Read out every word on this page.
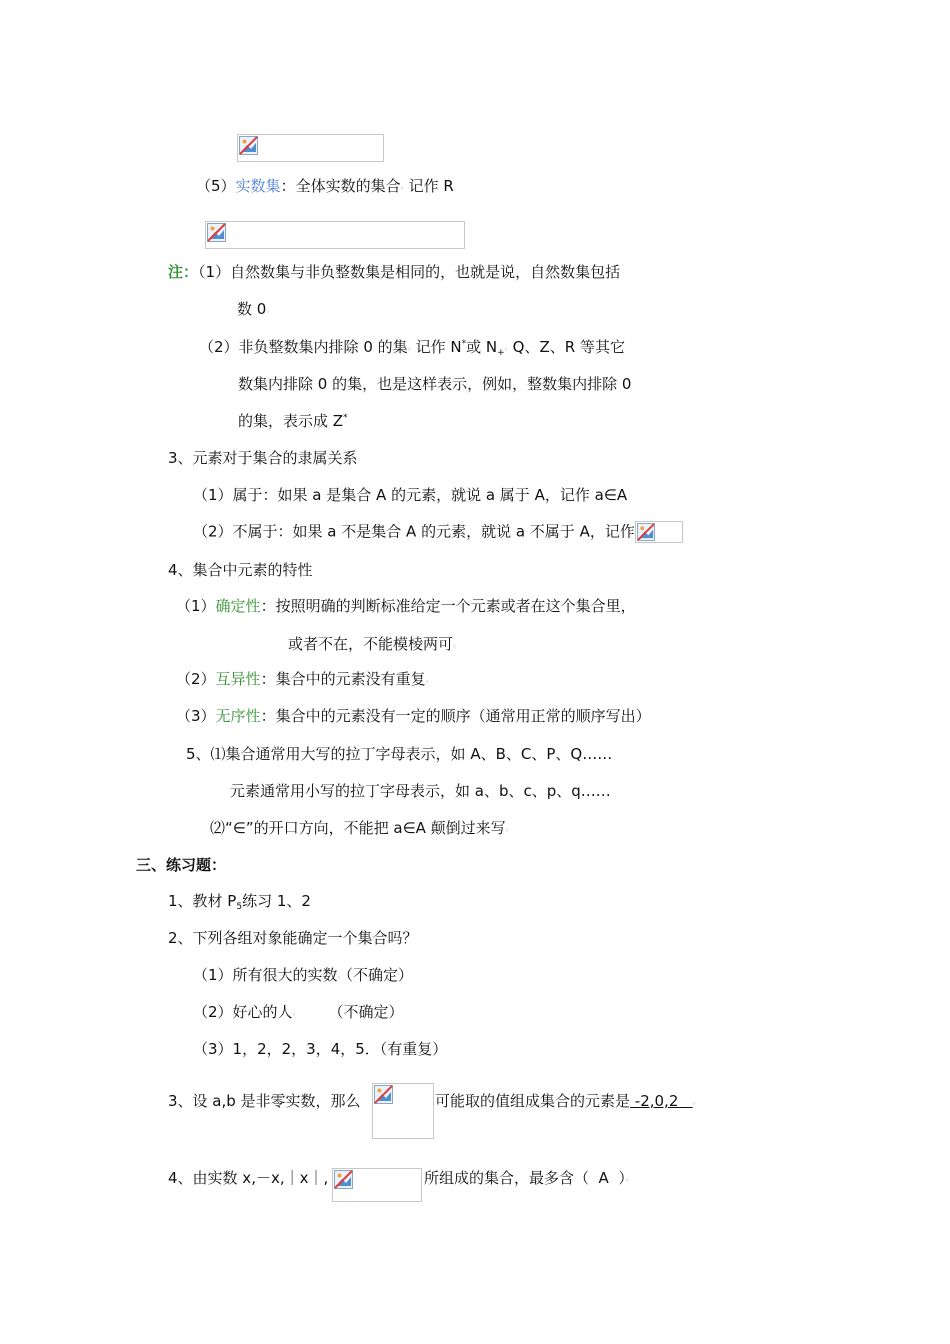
（5）实数集：全体实数的集合。记作 R
注：（1）自然数集与非负整数集是相同的，也就是说，自然数集包括
数 0。
（2）非负整数集内排除 0 的集。记作 N*或 $N_+$。Q、Z、R 等其它
数集内排除 0 的集，也是这样表示，例如，整数集内排除 0
的集，表示成 Z*
3、元素对于集合的隶属关系
（1）属于：如果 a 是集合 A 的元素，就说 a 属于 A，记作 a∈A
（2）不属于：如果 a 不是集合 A 的元素，就说 a 不属于 A，记作
4、集合中元素的特性
（1）确定性：按照明确的判断标准给定一个元素或者在这个集合里，
或者不在，不能模棱两可。
（2）互异性：集合中的元素没有重复。
（3）无序性：集合中的元素没有一定的顺序（通常用正常的顺序写出）
5、⑴集合通常用大写的拉丁字母表示，如 A、B、C、P、Q……
元素通常用小写的拉丁字母表示，如 a、b、c、p、q……
⑵“∈”的开口方向，不能把 a∈A 颠倒过来写。
三、练习题：
1、教材 $P_5$练习 1、2
2、下列各组对象能确定一个集合吗？
（1）所有很大的实数。（不确定）
（2）好心的人。 （不确定）
（3）1，2，2，3，4，5．（有重复）
3、设 a,b 是非零实数，那么	可能取的值组成集合的元素是 -2,0,2   。
4、由实数 x,－x,｜x｜,	所组成的集合，最多含（  A  ）。
